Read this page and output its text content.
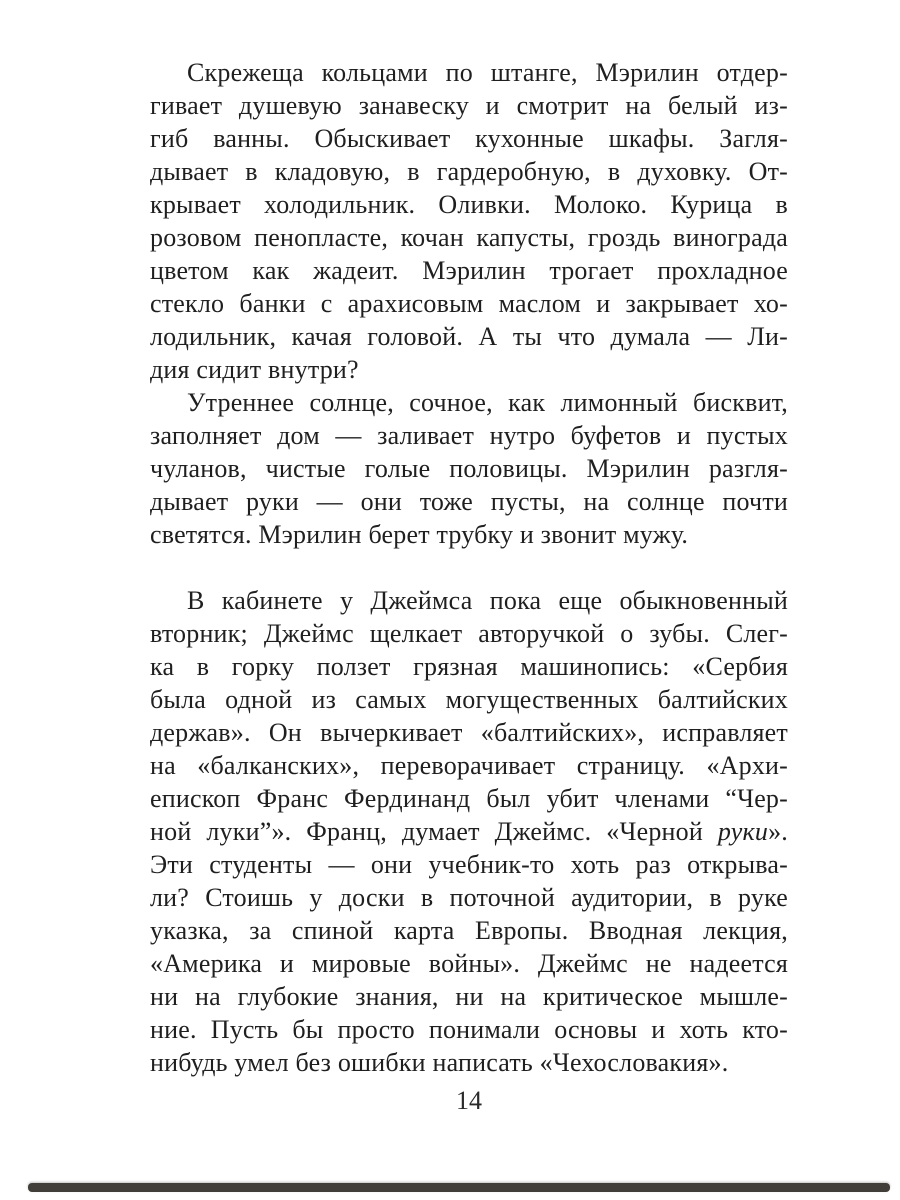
Скрежеща кольцами по штанге, Мэрилин отдер-
гивает душевую занавеску и смотрит на белый из-
гиб ванны. Обыскивает кухонные шкафы. Загля-
дывает в кладовую, в гардеробную, в духовку. От-
крывает холодильник. Оливки. Молоко. Курица в
розовом пенопласте, кочан капусты, гроздь винограда
цветом как жадеит. Мэрилин трогает прохладное
стекло банки с арахисовым маслом и закрывает хо-
лодильник, качая головой. А ты что думала — Ли-
дия сидит внутри?
Утреннее солнце, сочное, как лимонный бисквит,
заполняет дом — заливает нутро буфетов и пустых
чуланов, чистые голые половицы. Мэрилин разгля-
дывает руки — они тоже пусты, на солнце почти
светятся. Мэрилин берет трубку и звонит мужу.
В кабинете у Джеймса пока еще обыкновенный
вторник; Джеймс щелкает авторучкой о зубы. Слег-
ка в горку ползет грязная машинопись: «Сербия
была одной из самых могущественных балтийских
держав». Он вычеркивает «балтийских», исправляет
на «балканских», переворачивает страницу. «Архи-
епископ Франс Фердинанд был убит членами “Чер-
ной луки”». Франц, думает Джеймс. «Черной руки».
Эти студенты — они учебник-то хоть раз открыва-
ли? Стоишь у доски в поточной аудитории, в руке
указка, за спиной карта Европы. Вводная лекция,
«Америка и мировые войны». Джеймс не надеется
ни на глубокие знания, ни на критическое мышле-
ние. Пусть бы просто понимали основы и хоть кто-
нибудь умел без ошибки написать «Чехословакия».
14
